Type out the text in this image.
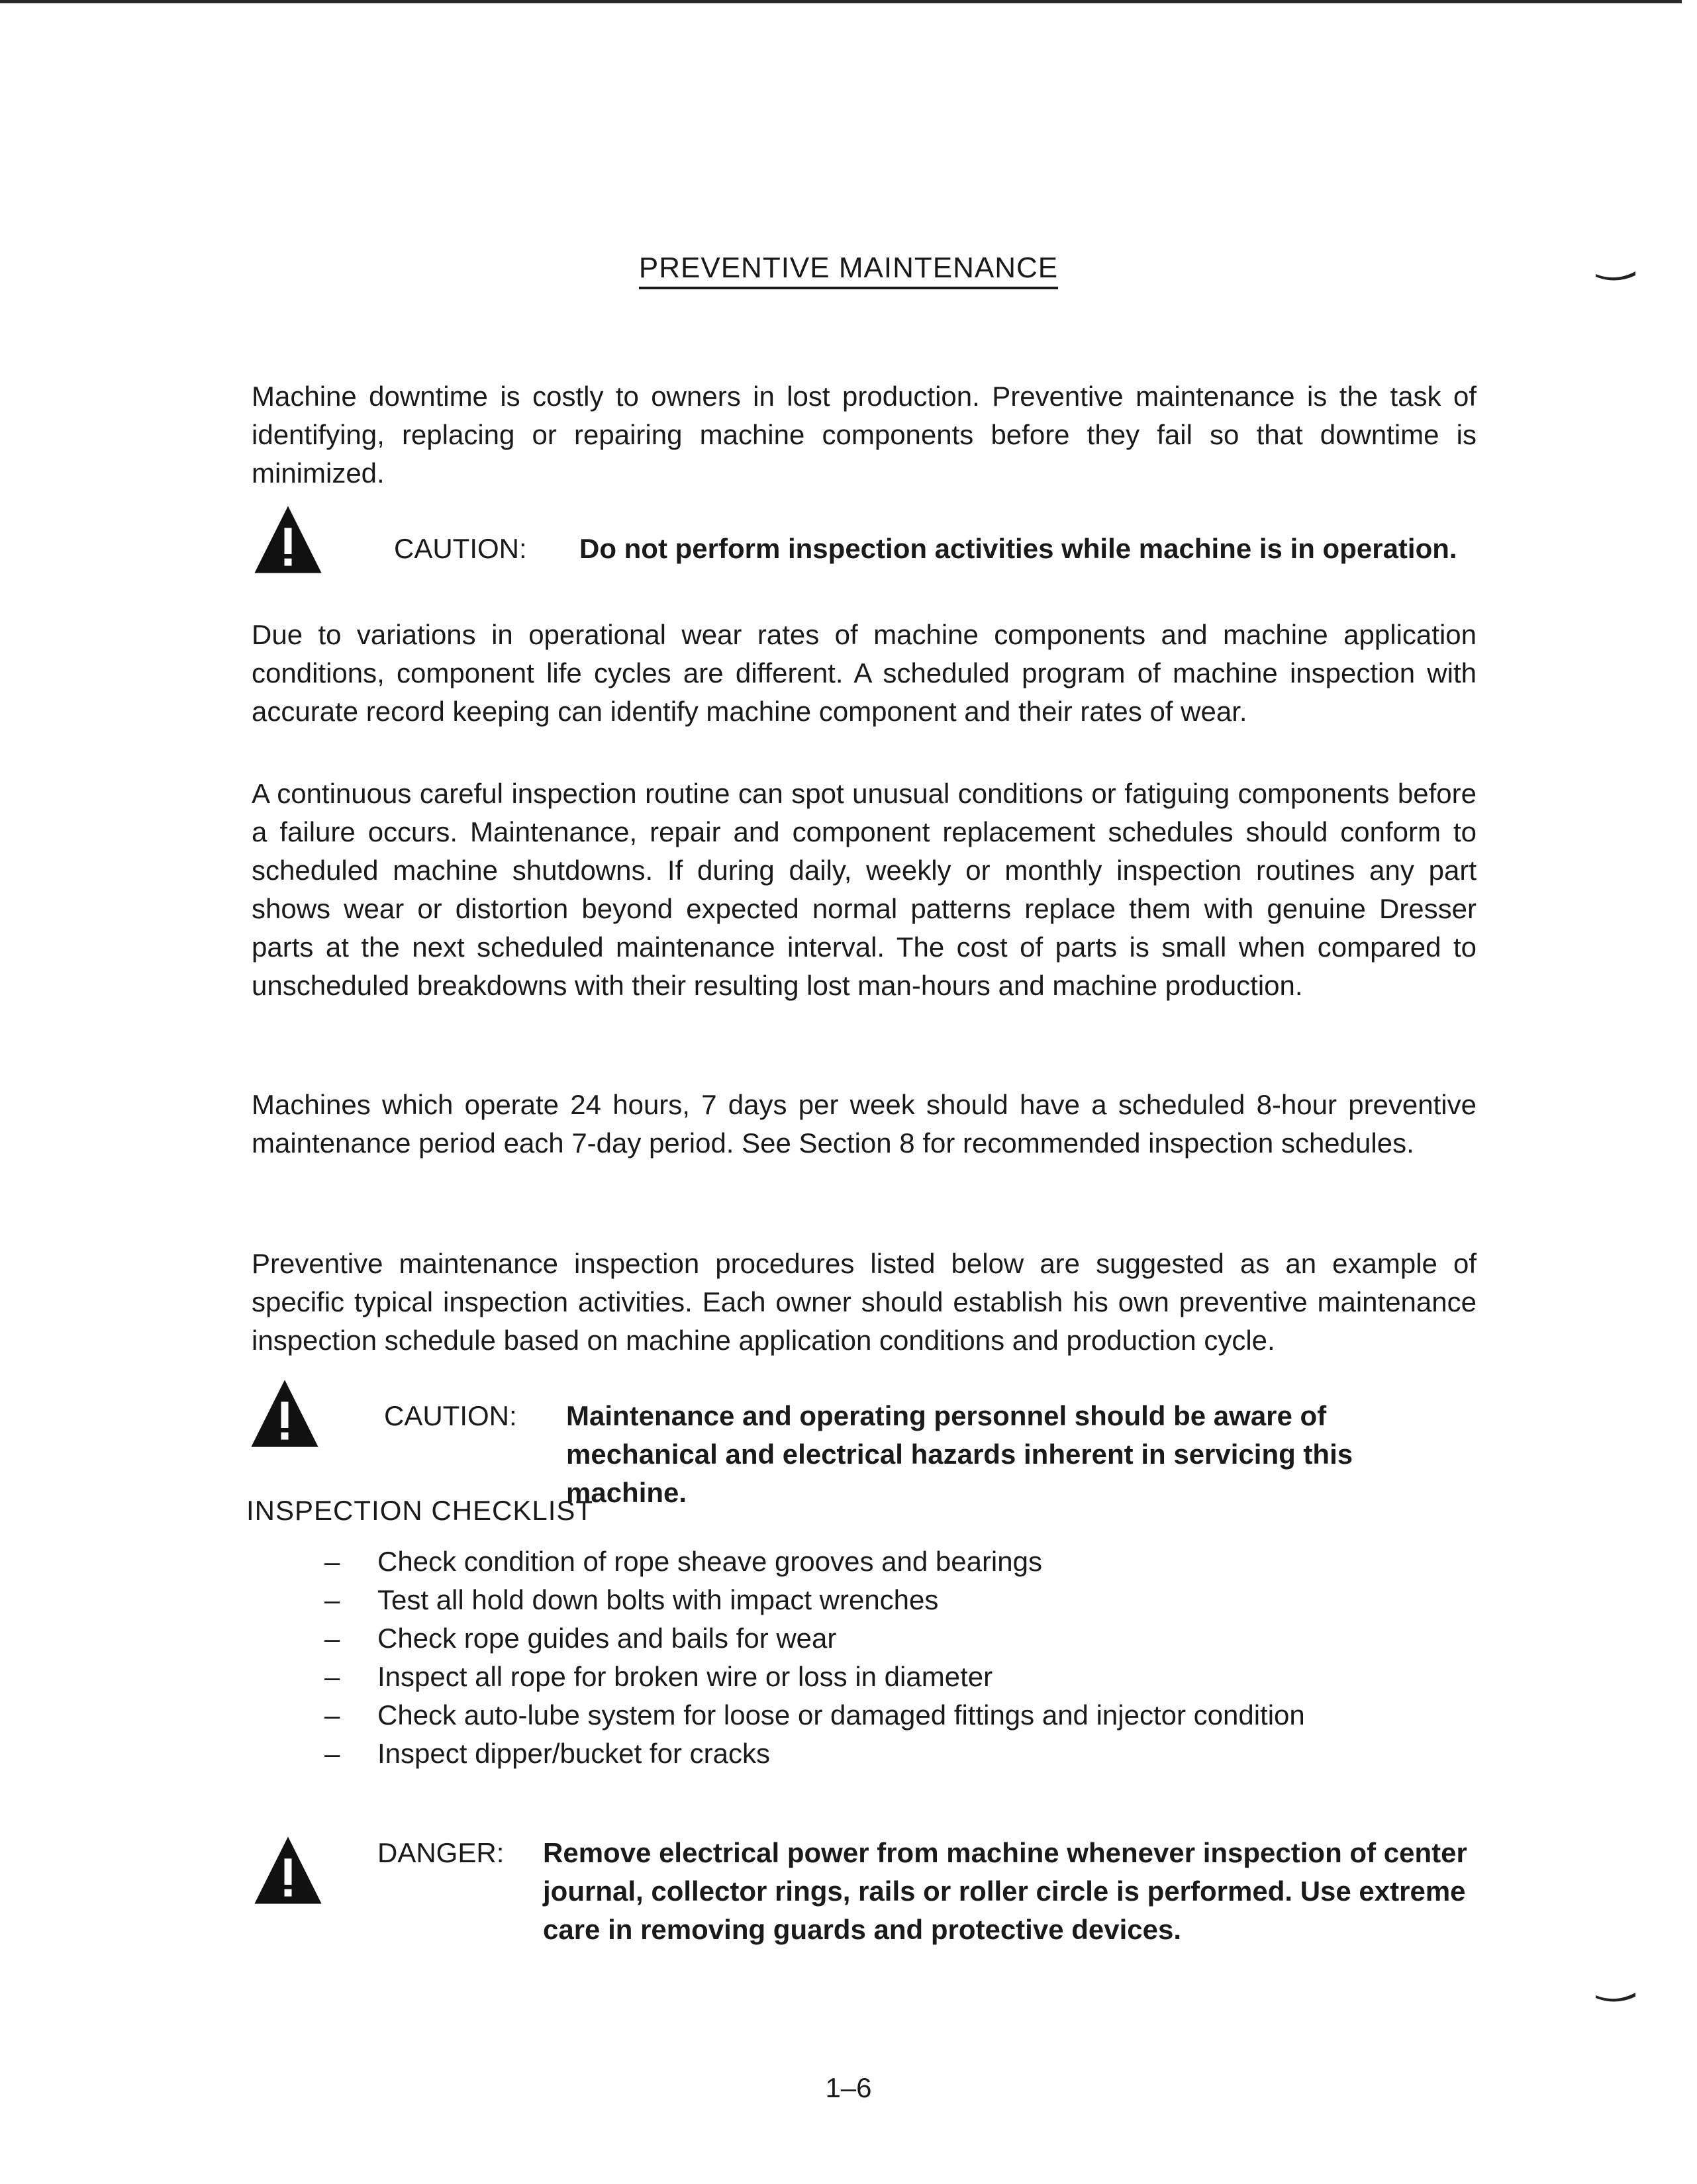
PREVENTIVE MAINTENANCE
Machine downtime is costly to owners in lost production. Preventive maintenance is the task of identifying, replacing or repairing machine components before they fail so that downtime is minimized.
CAUTION: Do not perform inspection activities while machine is in operation.
Due to variations in operational wear rates of machine components and machine application conditions, component life cycles are different. A scheduled program of machine inspection with accurate record keeping can identify machine component and their rates of wear.
A continuous careful inspection routine can spot unusual conditions or fatiguing components before a failure occurs. Maintenance, repair and component replacement schedules should conform to scheduled machine shutdowns. If during daily, weekly or monthly inspection routines any part shows wear or distortion beyond expected normal patterns replace them with genuine Dresser parts at the next scheduled maintenance interval. The cost of parts is small when compared to unscheduled breakdowns with their resulting lost man-hours and machine production.
Machines which operate 24 hours, 7 days per week should have a scheduled 8-hour preventive maintenance period each 7-day period. See Section 8 for recommended inspection schedules.
Preventive maintenance inspection procedures listed below are suggested as an example of specific typical inspection activities. Each owner should establish his own preventive maintenance inspection schedule based on machine application conditions and production cycle.
CAUTION: Maintenance and operating personnel should be aware of mechanical and electrical hazards inherent in servicing this machine.
INSPECTION CHECKLIST
– Check condition of rope sheave grooves and bearings
– Test all hold down bolts with impact wrenches
– Check rope guides and bails for wear
– Inspect all rope for broken wire or loss in diameter
– Check auto-lube system for loose or damaged fittings and injector condition
– Inspect dipper/bucket for cracks
DANGER: Remove electrical power from machine whenever inspection of center journal, collector rings, rails or roller circle is performed. Use extreme care in removing guards and protective devices.
1–6
